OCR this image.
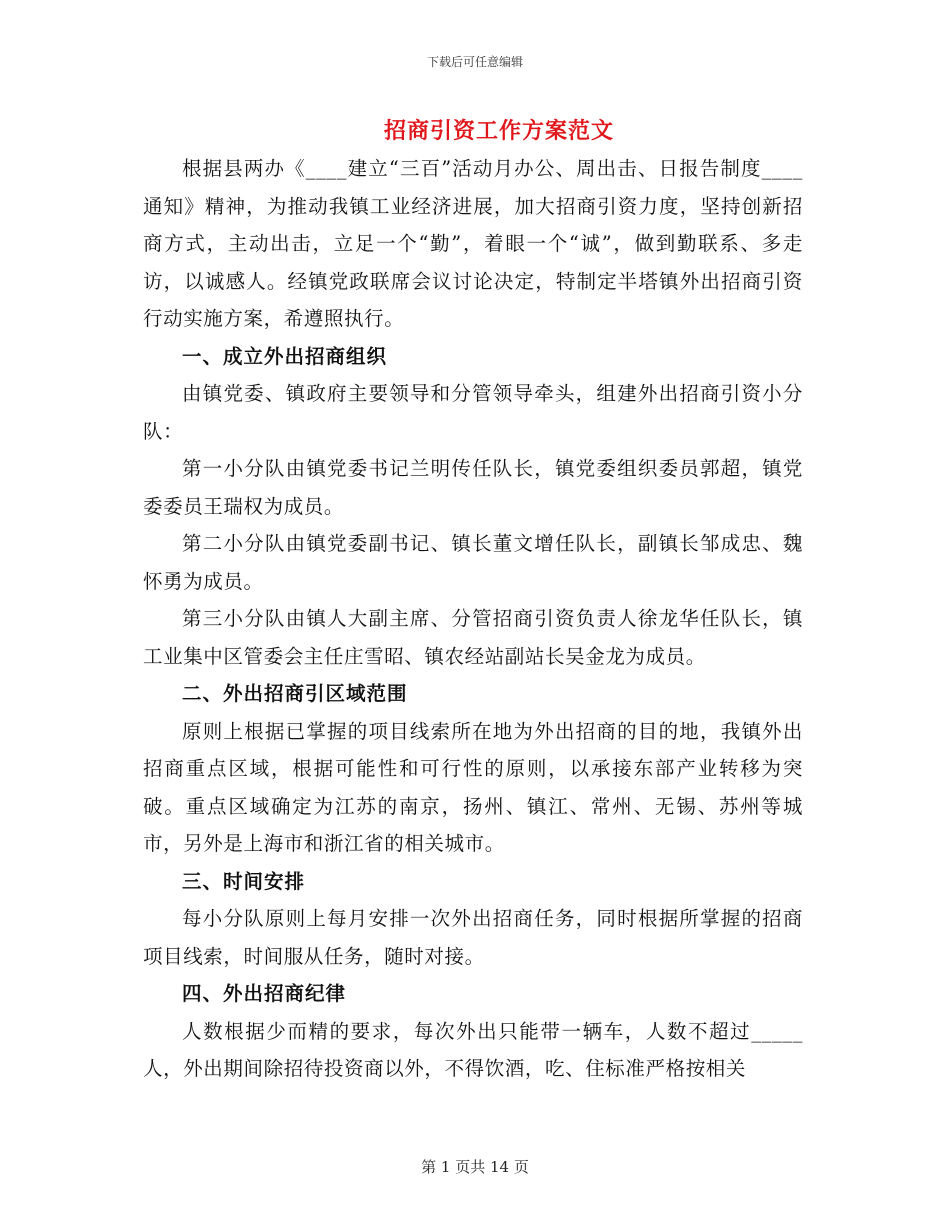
下载后可任意编辑
招商引资工作方案范文

根据县两办《____建立“三百”活动月办公、周出击、日报告制度____通知》精神，为推动我镇工业经济进展，加大招商引资力度，坚持创新招商方式，主动出击，立足一个“勤”，着眼一个“诚”，做到勤联系、多走访，以诚感人。经镇党政联席会议讨论决定，特制定半塔镇外出招商引资行动实施方案，希遵照执行。

一、成立外出招商组织

由镇党委、镇政府主要领导和分管领导牵头，组建外出招商引资小分队：

第一小分队由镇党委书记兰明传任队长，镇党委组织委员郭超，镇党委委员王瑞权为成员。

第二小分队由镇党委副书记、镇长董文增任队长，副镇长邹成忠、魏怀勇为成员。

第三小分队由镇人大副主席、分管招商引资负责人徐龙华任队长，镇工业集中区管委会主任庄雪昭、镇农经站副站长吴金龙为成员。

二、外出招商引区域范围

原则上根据已掌握的项目线索所在地为外出招商的目的地，我镇外出招商重点区域，根据可能性和可行性的原则，以承接东部产业转移为突破。重点区域确定为江苏的南京，扬州、镇江、常州、无锡、苏州等城市，另外是上海市和浙江省的相关城市。

三、时间安排

每小分队原则上每月安排一次外出招商任务，同时根据所掌握的招商项目线索，时间服从任务，随时对接。

四、外出招商纪律

人数根据少而精的要求，每次外出只能带一辆车，人数不超过_____人，外出期间除招待投资商以外，不得饮酒，吃、住标准严格按相关

第 1 页共 14 页
